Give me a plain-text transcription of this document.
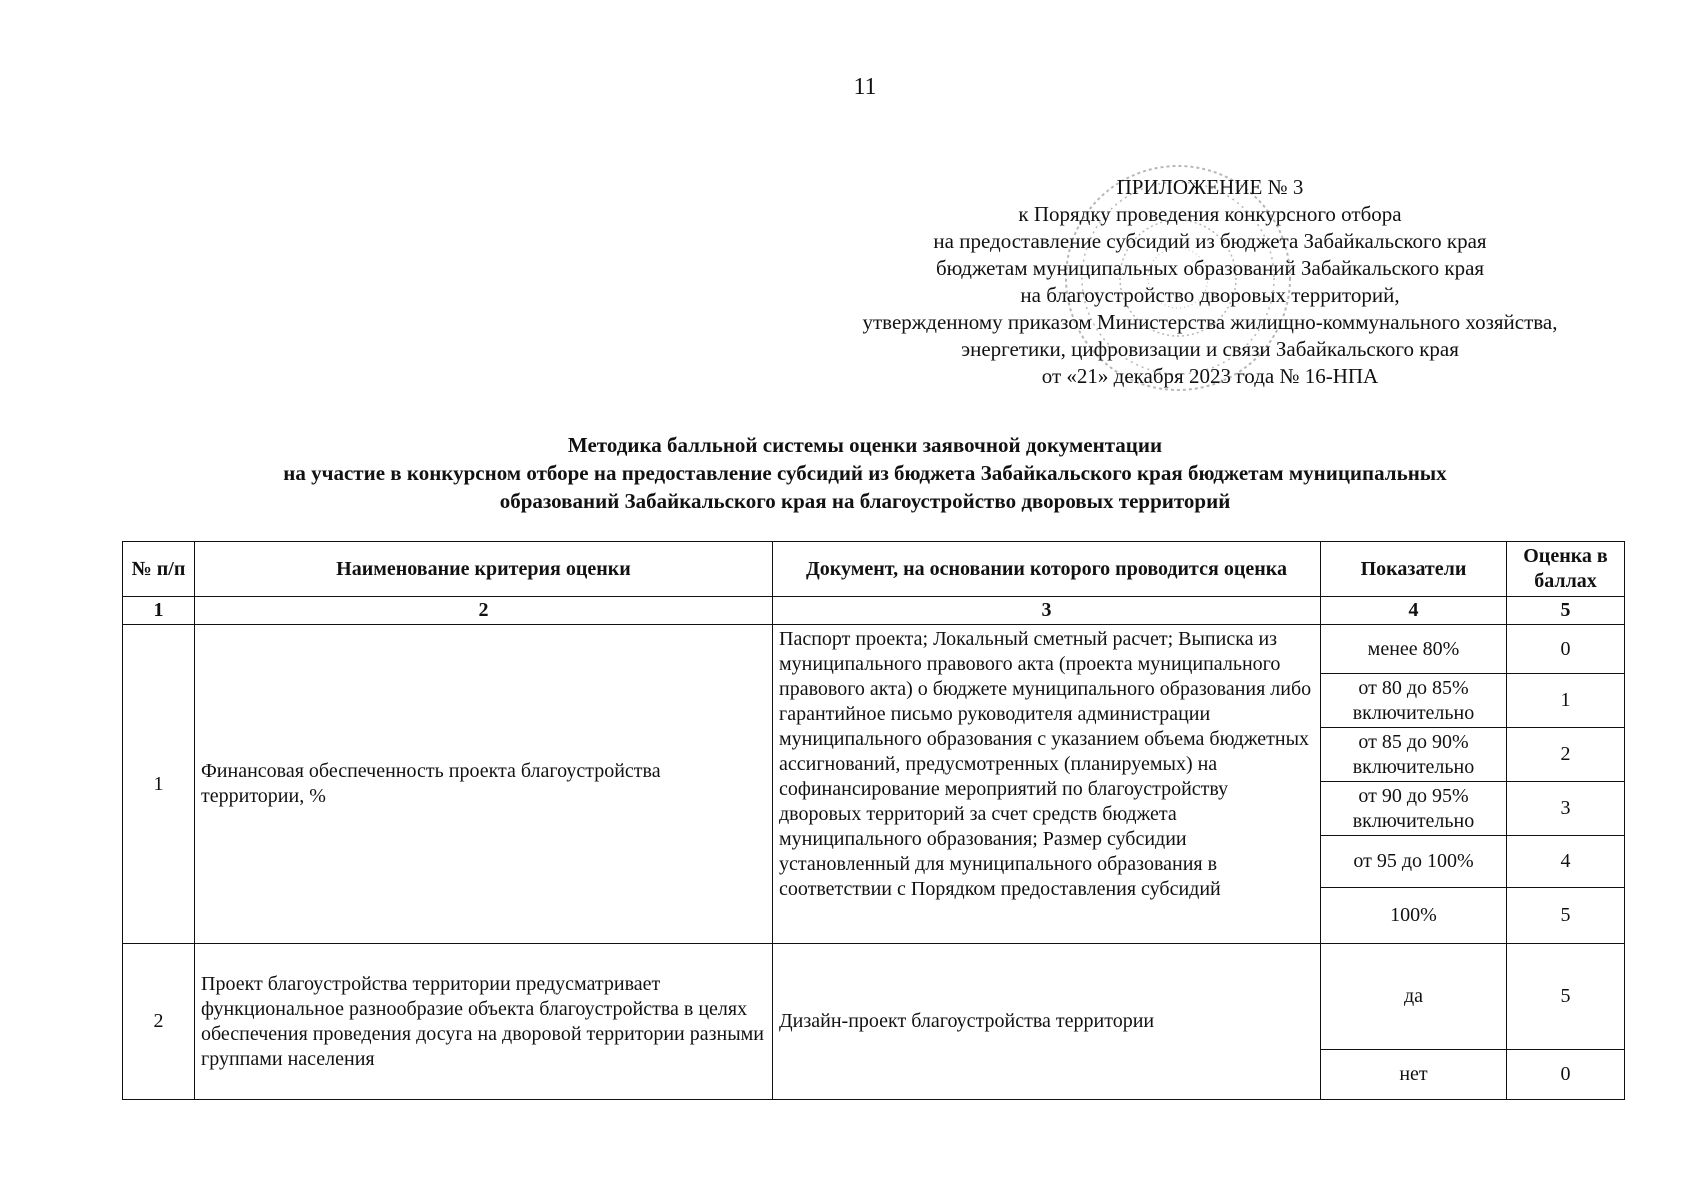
11
ПРИЛОЖЕНИЕ № 3
к Порядку проведения конкурсного отбора
на предоставление субсидий из бюджета Забайкальского края
бюджетам муниципальных образований Забайкальского края
на благоустройство дворовых территорий,
утвержденному приказом Министерства жилищно-коммунального хозяйства,
энергетики, цифровизации и связи Забайкальского края
от «21» декабря 2023 года № 16-НПА
Методика балльной системы оценки заявочной документации
на участие в конкурсном отборе на предоставление субсидий из бюджета Забайкальского края бюджетам муниципальных
образований Забайкальского края на благоустройство дворовых территорий
№ п/п	Наименование критерия оценки	Документ, на основании которого проводится оценка	Показатели	Оценка в баллах
1	2	3	4	5
1	Финансовая обеспеченность проекта благоустройства территории, %	Паспорт проекта; Локальный сметный расчет; Выписка из муниципального правового акта (проекта муниципального правового акта) о бюджете муниципального образования либо гарантийное письмо руководителя администрации муниципального образования с указанием объема бюджетных ассигнований, предусмотренных (планируемых) на софинансирование мероприятий по благоустройству дворовых территорий за счет средств бюджета муниципального образования; Размер субсидии установленный для муниципального образования в соответствии с Порядком предоставления субсидий	менее 80%	0
			от 80 до 85% включительно	1
			от 85 до 90% включительно	2
			от 90 до 95% включительно	3
			от 95 до 100%	4
			100%	5
2	Проект благоустройства территории предусматривает функциональное разнообразие объекта благоустройства в целях обеспечения проведения досуга на дворовой территории разными группами населения	Дизайн-проект благоустройства территории	да	5
			нет	0
